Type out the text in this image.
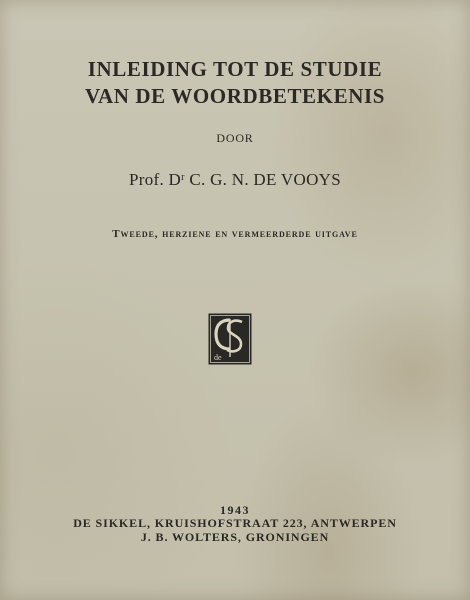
INLEIDING TOT DE STUDIE
VAN DE WOORDBETEKENIS
DOOR
Prof. $D^r$ C. G. N. DE VOOYS
Tweede, herziene en vermeerderde uitgave
de
1943
DE SIKKEL, KRUISHOFSTRAAT 223, ANTWERPEN
J. B. WOLTERS, GRONINGEN
